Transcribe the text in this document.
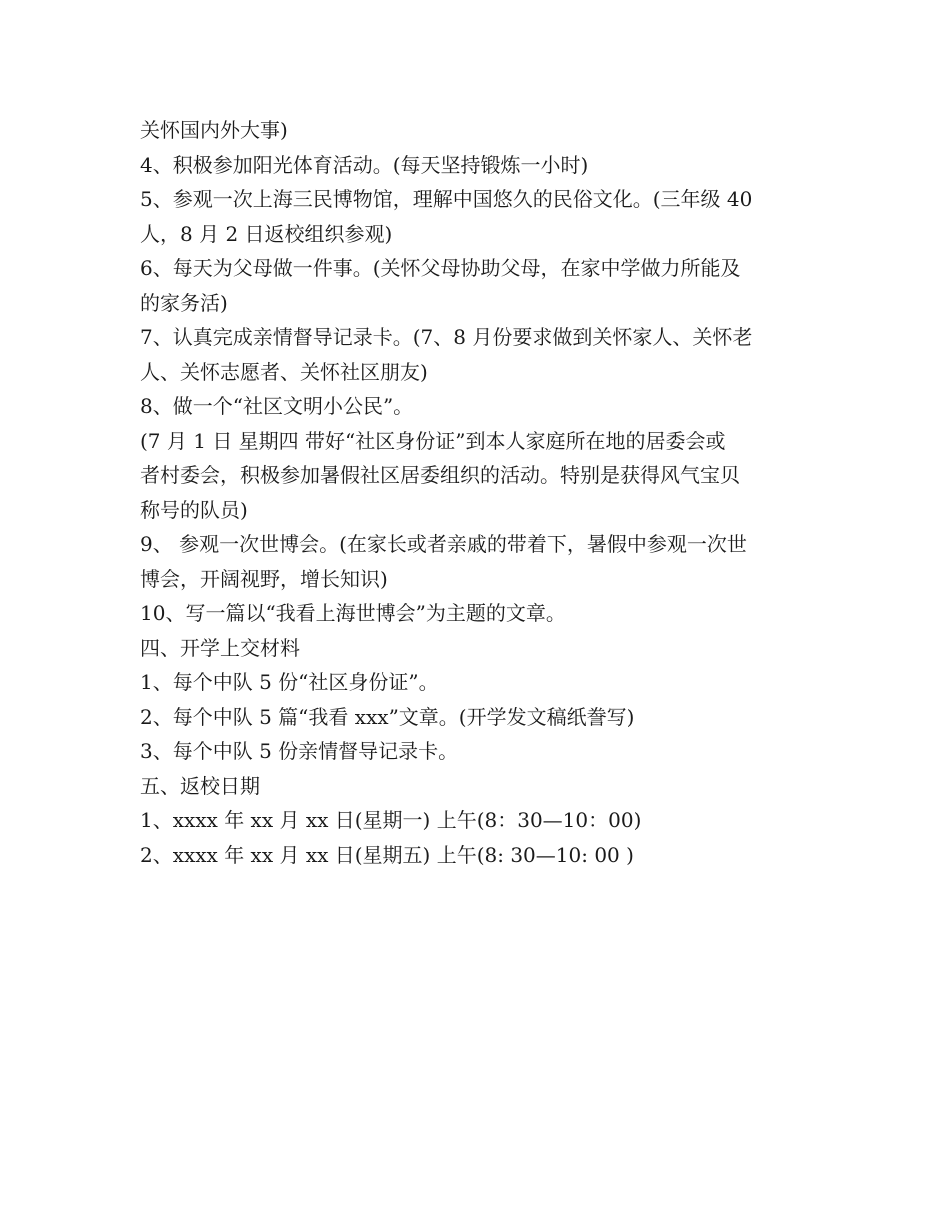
关怀国内外大事)
4、积极参加阳光体育活动。(每天坚持锻炼一小时)
5、参观一次上海三民博物馆，理解中国悠久的民俗文化。(三年级 40
人，8 月 2 日返校组织参观)
6、每天为父母做一件事。(关怀父母协助父母，在家中学做力所能及
的家务活)
7、认真完成亲情督导记录卡。(7、8 月份要求做到关怀家人、关怀老
人、关怀志愿者、关怀社区朋友)
8、做一个“社区文明小公民”。
(7 月 1 日 星期四 带好“社区身份证”到本人家庭所在地的居委会或
者村委会，积极参加暑假社区居委组织的活动。特别是获得风气宝贝
称号的队员)
9、 参观一次世博会。(在家长或者亲戚的带着下，暑假中参观一次世
博会，开阔视野，增长知识)
10、写一篇以“我看上海世博会”为主题的文章。
四、开学上交材料
1、每个中队 5 份“社区身份证”。
2、每个中队 5 篇“我看 xxx”文章。(开学发文稿纸誊写)
3、每个中队 5 份亲情督导记录卡。
五、返校日期
1、xxxx 年 xx 月 xx 日(星期一) 上午(8：30—10：00)
2、xxxx 年 xx 月 xx 日(星期五) 上午(8: 30—10: 00 )
